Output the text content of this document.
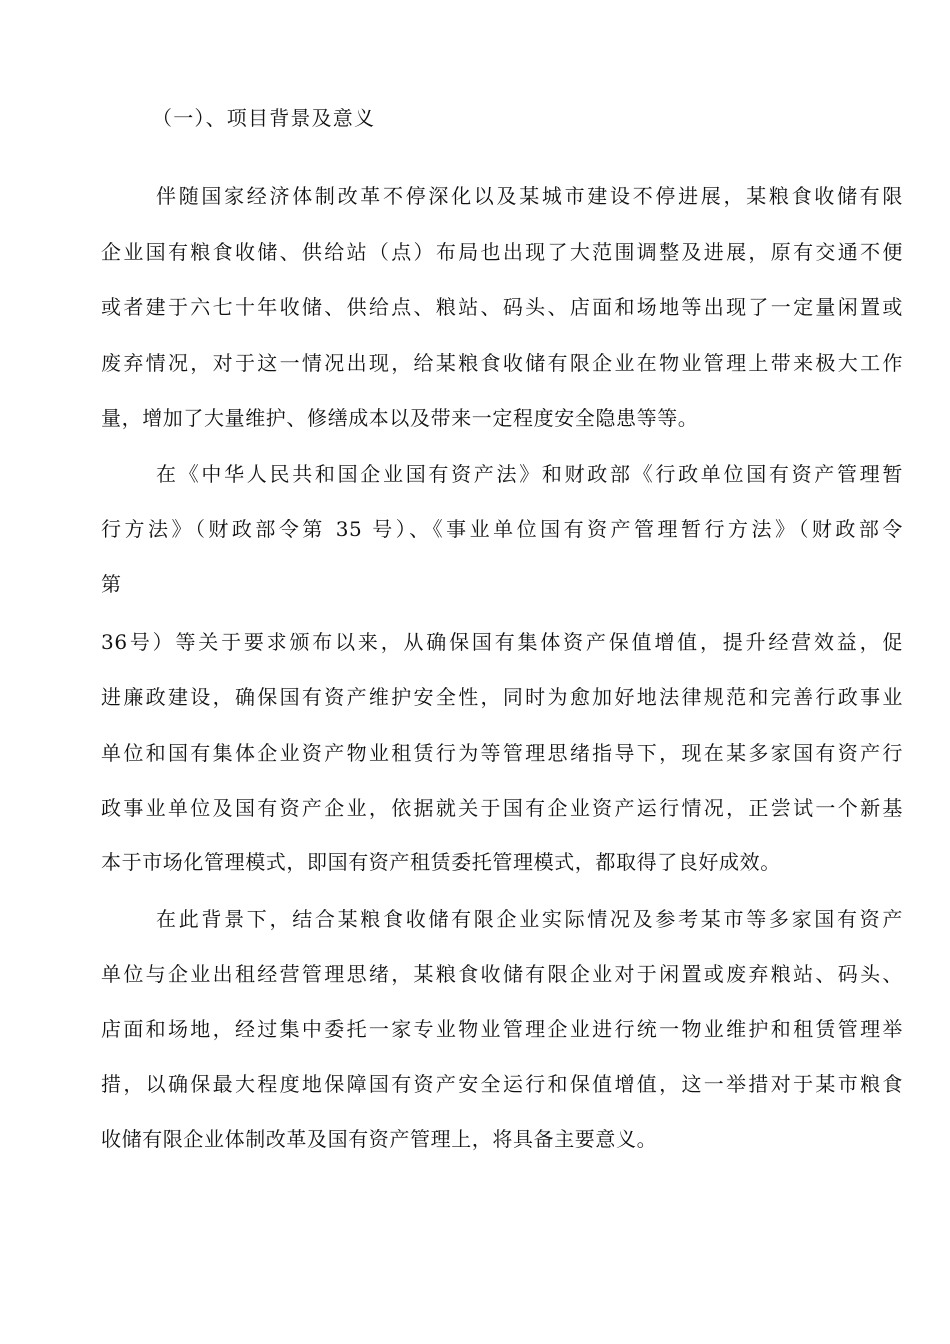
（一）、项目背景及意义
伴随国家经济体制改革不停深化以及某城市建设不停进展，某粮食收储有限
企业国有粮食收储、供给站（点）布局也出现了大范围调整及进展，原有交通不便
或者建于六七十年收储、供给点、粮站、码头、店面和场地等出现了一定量闲置或
废弃情况，对于这一情况出现，给某粮食收储有限企业在物业管理上带来极大工作
量，增加了大量维护、修缮成本以及带来一定程度安全隐患等等。
在《中华人民共和国企业国有资产法》和财政部《行政单位国有资产管理暂
行方法》（财政部令第 35 号）、《事业单位国有资产管理暂行方法》（财政部令
第
36号）等关于要求颁布以来，从确保国有集体资产保值增值，提升经营效益，促
进廉政建设，确保国有资产维护安全性，同时为愈加好地法律规范和完善行政事业
单位和国有集体企业资产物业租赁行为等管理思绪指导下，现在某多家国有资产行
政事业单位及国有资产企业，依据就关于国有企业资产运行情况，正尝试一个新基
本于市场化管理模式，即国有资产租赁委托管理模式，都取得了良好成效。
在此背景下，结合某粮食收储有限企业实际情况及参考某市等多家国有资产
单位与企业出租经营管理思绪，某粮食收储有限企业对于闲置或废弃粮站、码头、
店面和场地，经过集中委托一家专业物业管理企业进行统一物业维护和租赁管理举
措，以确保最大程度地保障国有资产安全运行和保值增值，这一举措对于某市粮食
收储有限企业体制改革及国有资产管理上，将具备主要意义。
